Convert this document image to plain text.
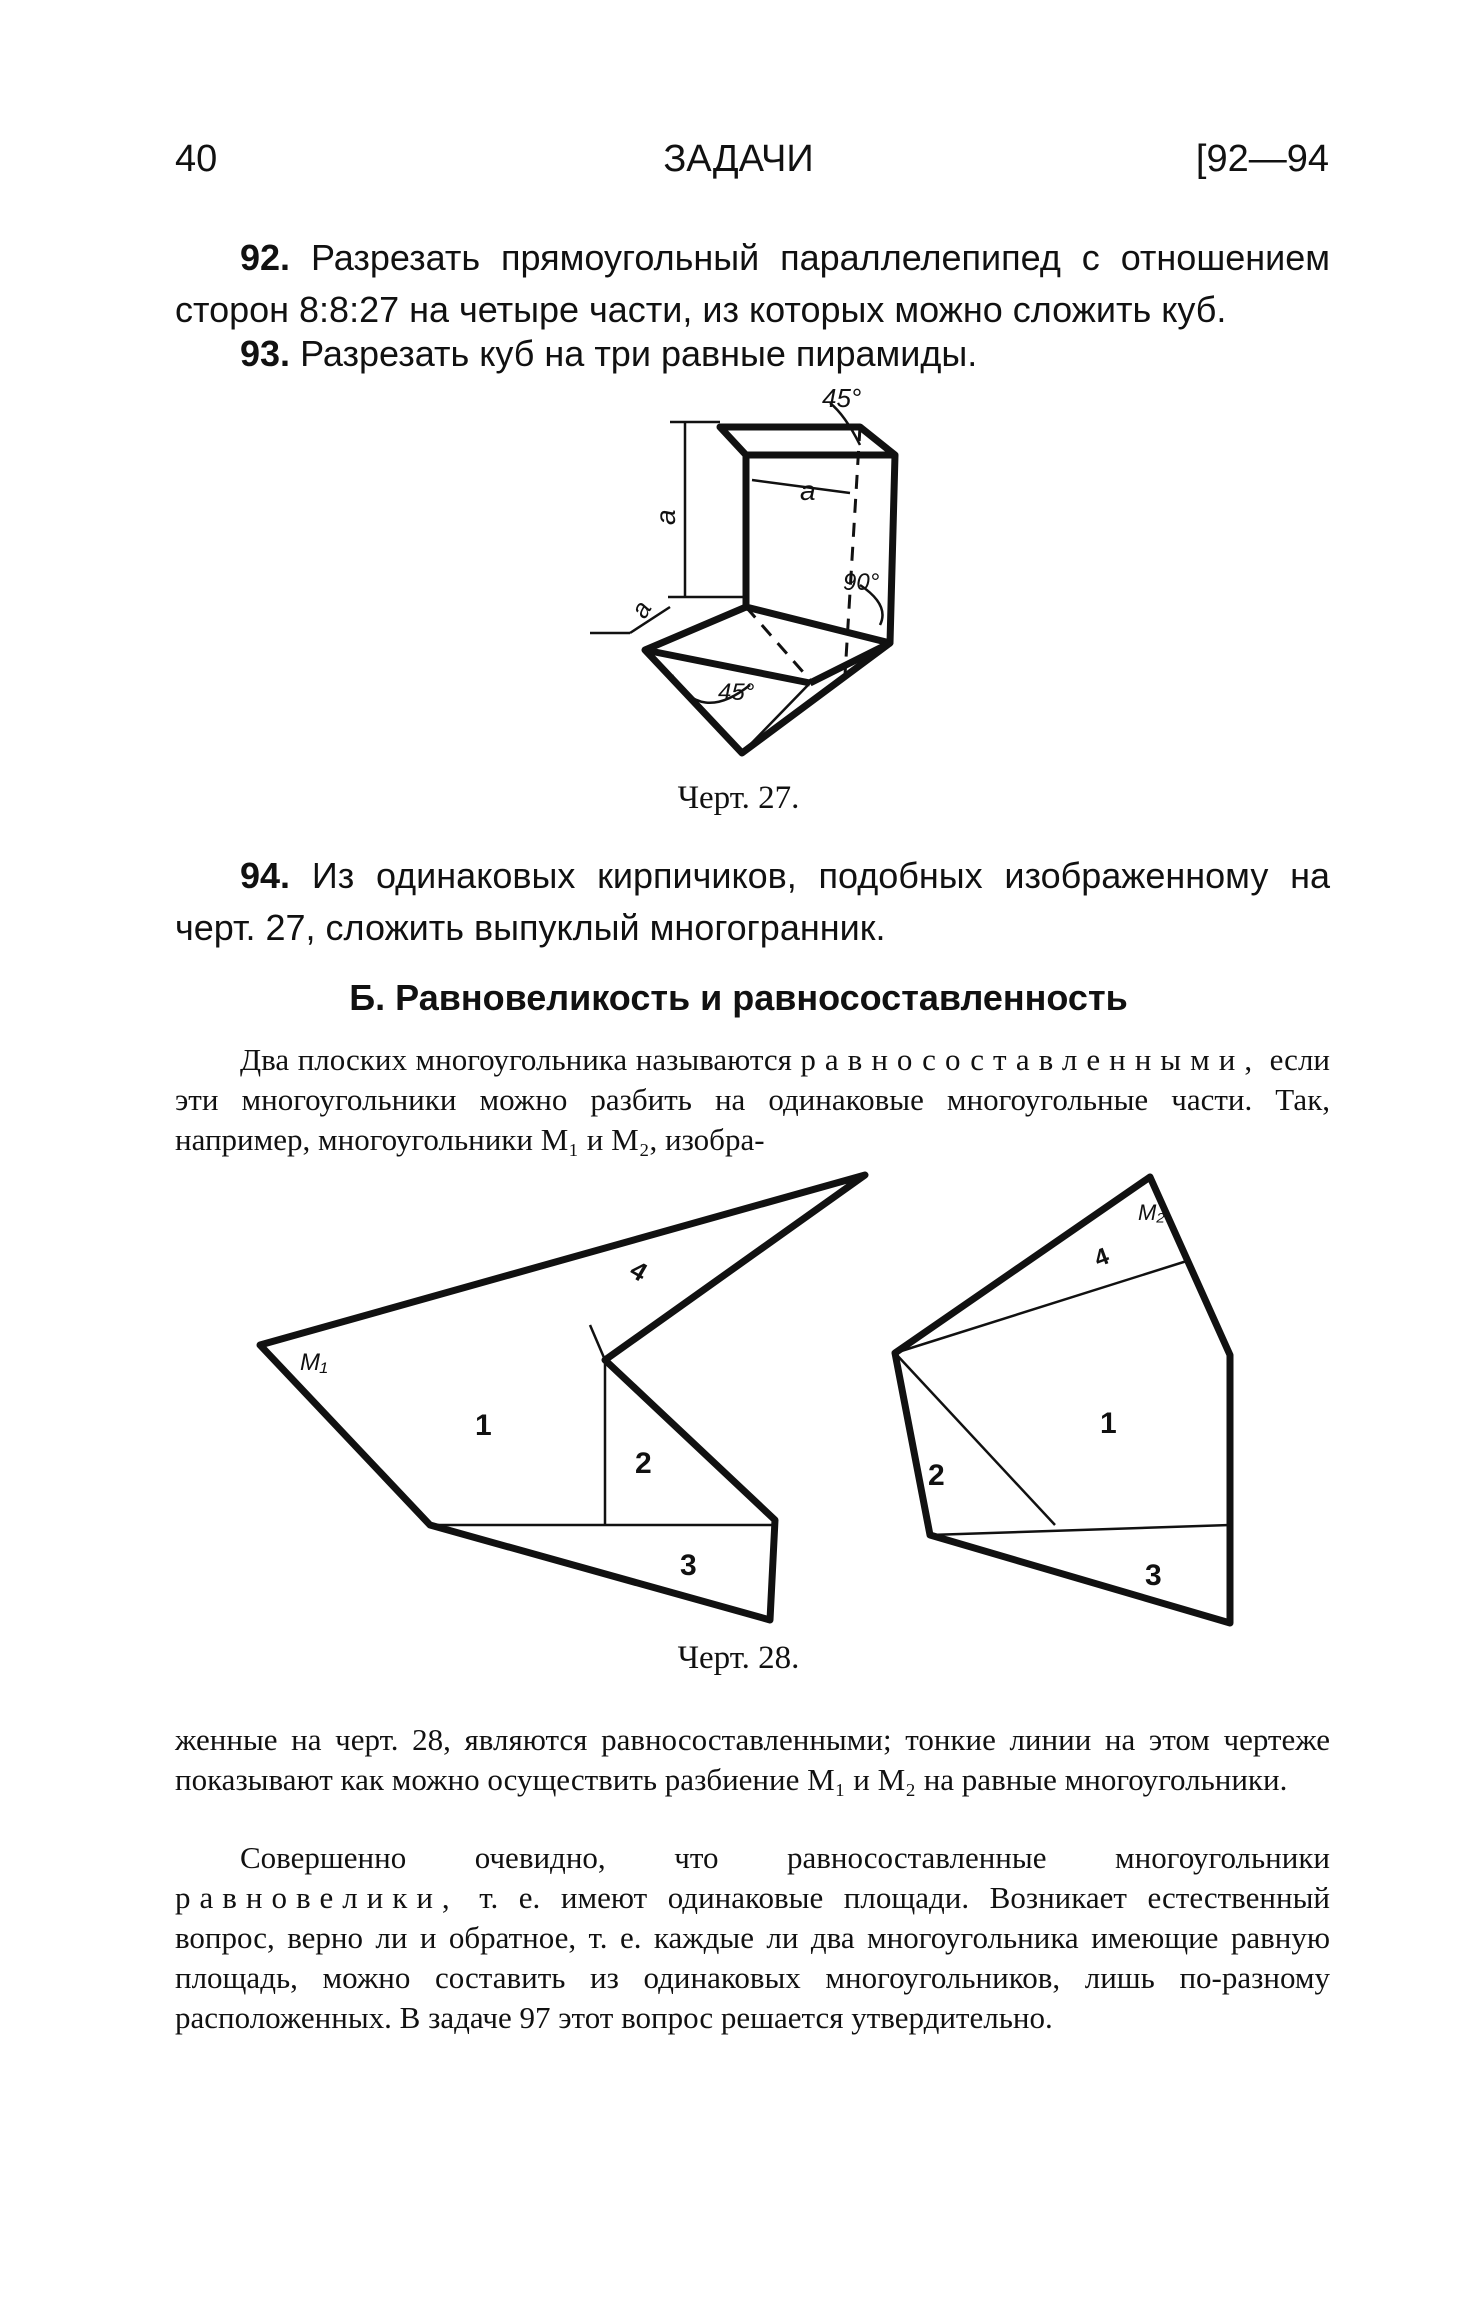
40	ЗАДАЧИ	[92—94
92. Разрезать прямоугольный параллелепипед с отношением сторон 8:8:27 на четыре части, из которых можно сложить куб.
93. Разрезать куб на три равные пирамиды.
45°
a
a
90°
a
45°
Черт. 27.
94. Из одинаковых кирпичиков, подобных изображенному на черт. 27, сложить выпуклый многогранник.
Б. Равновеликость и равносоставленность
Два плоских многоугольника называются равносоставленными, если эти многоугольники можно разбить на одинаковые многоугольные части. Так, например, многоугольники M₁ и M₂, изобра-
M₁
1
2
3
4
M₂
1
2
3
4
Черт. 28.
женные на черт. 28, являются равносоставленными; тонкие линии на этом чертеже показывают как можно осуществить разбиение M₁ и M₂ на равные многоугольники.
Совершенно очевидно, что равносоставленные многоугольники равновелики, т. е. имеют одинаковые площади. Возникает естественный вопрос, верно ли и обратное, т. е. каждые ли два многоугольника имеющие равную площадь, можно составить из одинаковых многоугольников, лишь по-разному расположенных. В задаче 97 этот вопрос решается утвердительно.
